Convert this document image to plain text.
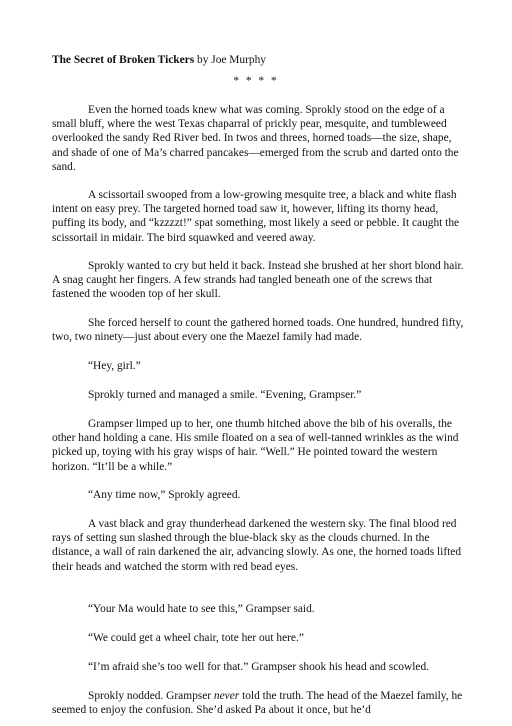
The Secret of Broken Tickers by Joe Murphy
* * * *

Even the horned toads knew what was coming. Sprokly stood on the edge of a small bluff, where the west Texas chaparral of prickly pear, mesquite, and tumbleweed overlooked the sandy Red River bed. In twos and threes, horned toads—the size, shape, and shade of one of Ma’s charred pancakes—emerged from the scrub and darted onto the sand.

A scissortail swooped from a low-growing mesquite tree, a black and white flash intent on easy prey. The targeted horned toad saw it, however, lifting its thorny head, puffing its body, and “kzzzzt!” spat something, most likely a seed or pebble. It caught the scissortail in midair. The bird squawked and veered away.

Sprokly wanted to cry but held it back. Instead she brushed at her short blond hair. A snag caught her fingers. A few strands had tangled beneath one of the screws that fastened the wooden top of her skull.

She forced herself to count the gathered horned toads. One hundred, hundred fifty, two, two ninety—just about every one the Maezel family had made.

“Hey, girl.”

Sprokly turned and managed a smile. “Evening, Grampser.”

Grampser limped up to her, one thumb hitched above the bib of his overalls, the other hand holding a cane. His smile floated on a sea of well-tanned wrinkles as the wind picked up, toying with his gray wisps of hair. “Well.” He pointed toward the western horizon. “It’ll be a while.”

“Any time now,” Sprokly agreed.

A vast black and gray thunderhead darkened the western sky. The final blood red rays of setting sun slashed through the blue-black sky as the clouds churned. In the distance, a wall of rain darkened the air, advancing slowly. As one, the horned toads lifted their heads and watched the storm with red bead eyes.

“Your Ma would hate to see this,” Grampser said.

“We could get a wheel chair, tote her out here.”

“I’m afraid she’s too well for that.” Grampser shook his head and scowled.

Sprokly nodded. Grampser never told the truth. The head of the Maezel family, he seemed to enjoy the confusion. She’d asked Pa about it once, but he’d
